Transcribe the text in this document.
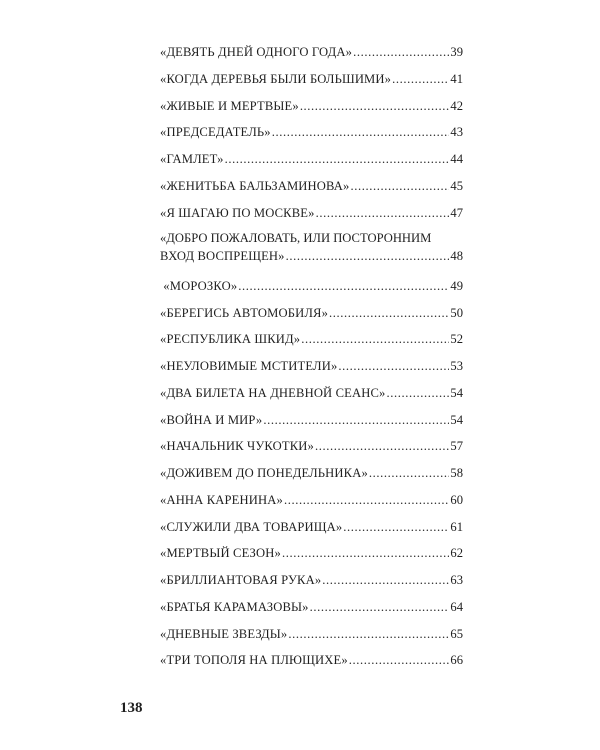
«ДЕВЯТЬ ДНЕЙ ОДНОГО ГОДА» .....	39
«КОГДА ДЕРЕВЬЯ БЫЛИ БОЛЬШИМИ» .....	41
«ЖИВЫЕ И МЕРТВЫЕ» .....	42
«ПРЕДСЕДАТЕЛЬ» .....	43
«ГАМЛЕТ» .....	44
«ЖЕНИТЬБА БАЛЬЗАМИНОВА» .....	45
«Я ШАГАЮ ПО МОСКВЕ» .....	47
«ДОБРО ПОЖАЛОВАТЬ, ИЛИ ПОСТОРОННИМ
ВХОД ВОСПРЕЩЕН» .....	48
«МОРОЗКО» .....	49
«БЕРЕГИСЬ АВТОМОБИЛЯ» .....	50
«РЕСПУБЛИКА ШКИД» .....	52
«НЕУЛОВИМЫЕ МСТИТЕЛИ» .....	53
«ДВА БИЛЕТА НА ДНЕВНОЙ СЕАНС» .....	54
«ВОЙНА И МИР» .....	54
«НАЧАЛЬНИК ЧУКОТКИ» .....	57
«ДОЖИВЕМ ДО ПОНЕДЕЛЬНИКА» .....	58
«АННА КАРЕНИНА» .....	60
«СЛУЖИЛИ ДВА ТОВАРИЩА» .....	61
«МЕРТВЫЙ СЕЗОН» .....	62
«БРИЛЛИАНТОВАЯ РУКА» .....	63
«БРАТЬЯ КАРАМАЗОВЫ» .....	64
«ДНЕВНЫЕ ЗВЕЗДЫ» .....	65
«ТРИ ТОПОЛЯ НА ПЛЮЩИХЕ» .....	66
138
